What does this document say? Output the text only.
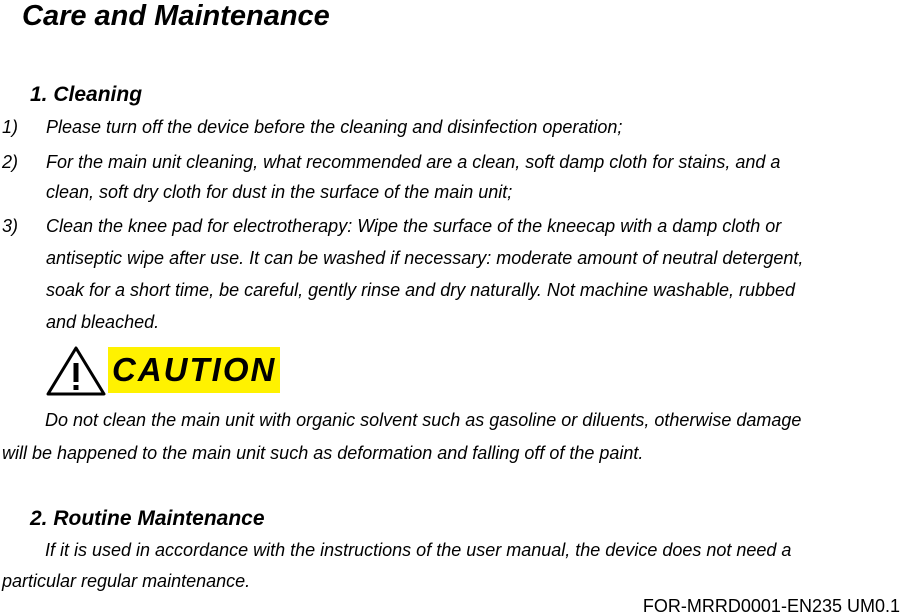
Care and Maintenance
1. Cleaning
1) Please turn off the device before the cleaning and disinfection operation;
2) For the main unit cleaning, what recommended are a clean, soft damp cloth for stains, and a
clean, soft dry cloth for dust in the surface of the main unit;
3) Clean the knee pad for electrotherapy: Wipe the surface of the kneecap with a damp cloth or
antiseptic wipe after use. It can be washed if necessary: moderate amount of neutral detergent,
soak for a short time, be careful, gently rinse and dry naturally. Not machine washable, rubbed
and bleached.
CAUTION
Do not clean the main unit with organic solvent such as gasoline or diluents, otherwise damage
will be happened to the main unit such as deformation and falling off of the paint.
2. Routine Maintenance
If it is used in accordance with the instructions of the user manual, the device does not need a
particular regular maintenance.
FOR-MRRD0001-EN235 UM0.1
